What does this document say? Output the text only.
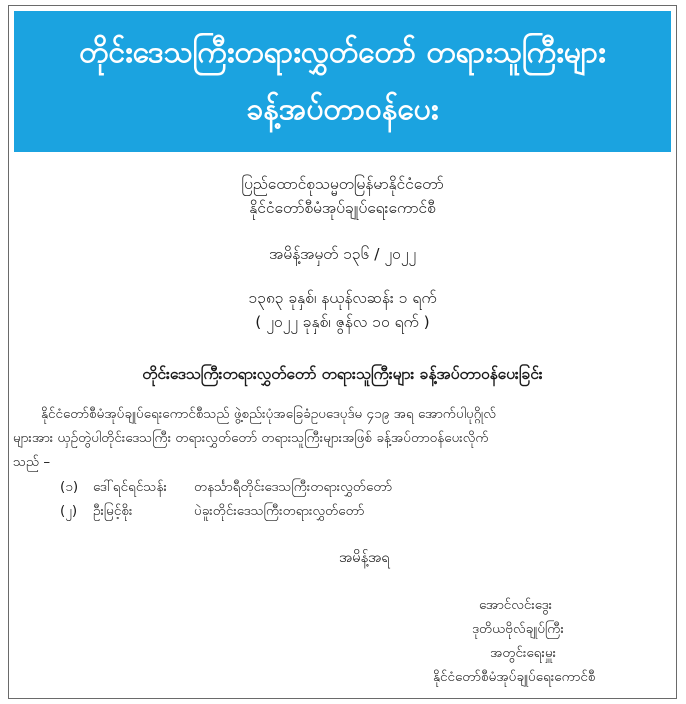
တိုင်းဒေသကြီးတရားလွှတ်တော် တရားသူကြီးများ
ခန့်အပ်တာဝန်ပေး
ပြည်ထောင်စုသမ္မတမြန်မာနိုင်ငံတော်
နိုင်ငံတော်စီမံအုပ်ချုပ်ရေးကောင်စီ
အမိန့်အမှတ် ၁၃၆ / ၂၀၂၂
၁၃၈၃ ခုနှစ်၊ နယုန်လဆန်း ၁ ရက်
( ၂၀၂၂ ခုနှစ်၊ ဇွန်လ ၁၀ ရက် )
တိုင်းဒေသကြီးတရားလွှတ်တော် တရားသူကြီးများ ခန့်အပ်တာဝန်ပေးခြင်း
နိုင်ငံတော်စီမံအုပ်ချုပ်ရေးကောင်စီသည် ဖွဲ့စည်းပုံအခြေခံဥပဒေပုဒ်မ ၄၁၉ အရ အောက်ပါပုဂ္ဂိုလ်
များအား ယှဉ်တွဲပါတိုင်းဒေသကြီး တရားလွှတ်တော် တရားသူကြီးများအဖြစ် ခန့်အပ်တာဝန်ပေးလိုက်
သည် –
(၁) ဒေါ်ရင်ရင်သန်း တနင်္သာရီတိုင်းဒေသကြီးတရားလွှတ်တော်
(၂) ဦးမြင့်စိုး	ပဲခူးတိုင်းဒေသကြီးတရားလွှတ်တော်
အမိန့်အရ
အောင်လင်းဒွေး
ဒုတိယဗိုလ်ချုပ်ကြီး
အတွင်းရေးမှူး
နိုင်ငံတော်စီမံအုပ်ချုပ်ရေးကောင်စီ
